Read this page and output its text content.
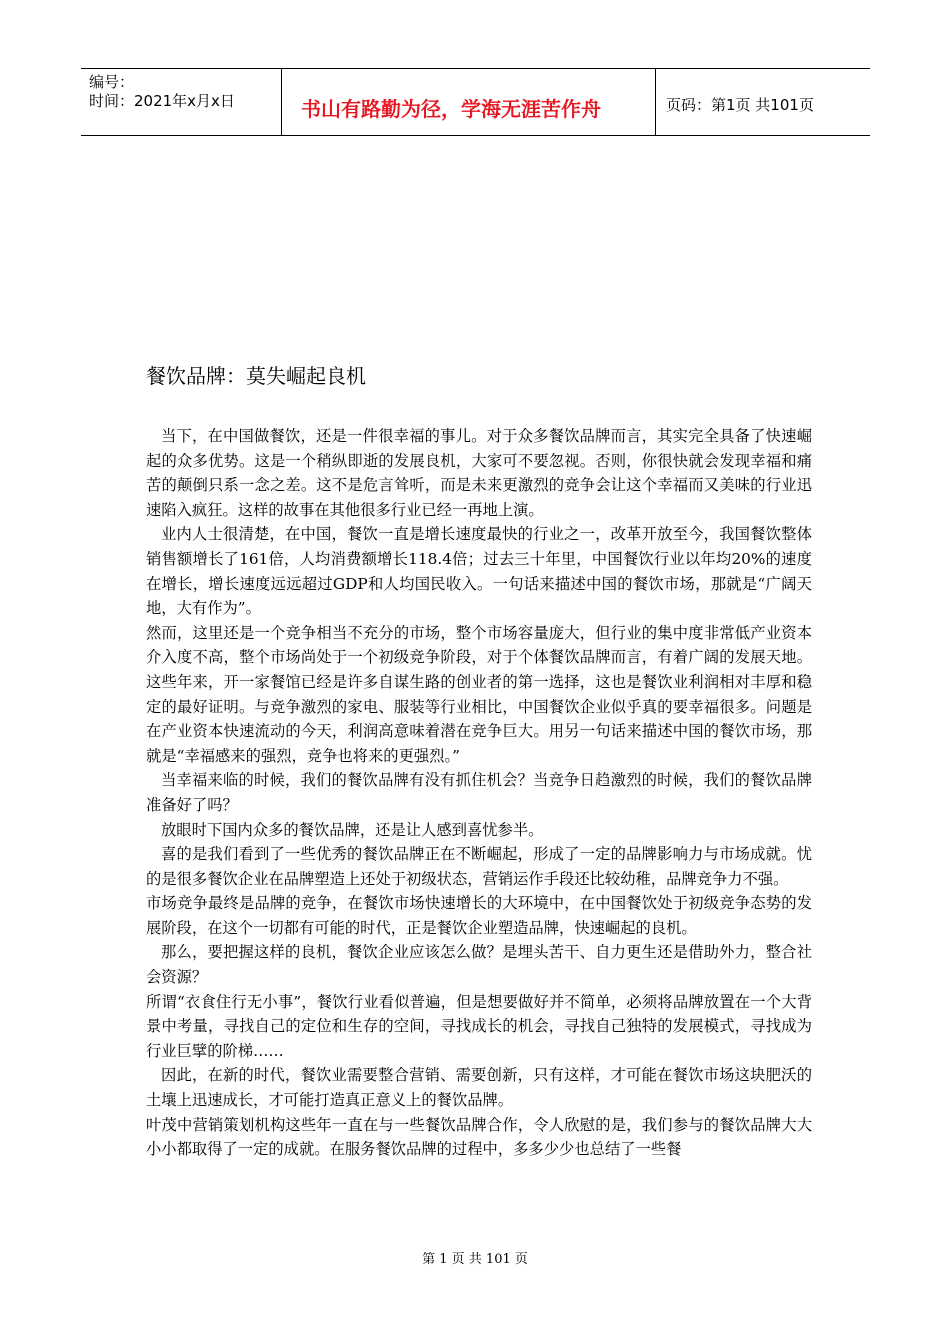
编号：
时间：2021年x月x日	书山有路勤为径，学海无涯苦作舟	页码：第1页 共101页
餐饮品牌：莫失崛起良机

当下，在中国做餐饮，还是一件很幸福的事儿。对于众多餐饮品牌而言，其实完全具备了快速崛起的众多优势。这是一个稍纵即逝的发展良机，大家可不要忽视。否则，你很快就会发现幸福和痛苦的颠倒只系一念之差。这不是危言耸听，而是未来更激烈的竞争会让这个幸福而又美味的行业迅速陷入疯狂。这样的故事在其他很多行业已经一再地上演。

业内人士很清楚，在中国，餐饮一直是增长速度最快的行业之一，改革开放至今，我国餐饮整体销售额增长了161倍，人均消费额增长118.4倍；过去三十年里，中国餐饮行业以年均20%的速度在增长，增长速度远远超过GDP和人均国民收入。一句话来描述中国的餐饮市场，那就是“广阔天地，大有作为”。

然而，这里还是一个竞争相当不充分的市场，整个市场容量庞大，但行业的集中度非常低产业资本介入度不高，整个市场尚处于一个初级竞争阶段，对于个体餐饮品牌而言，有着广阔的发展天地。这些年来，开一家餐馆已经是许多自谋生路的创业者的第一选择，这也是餐饮业利润相对丰厚和稳定的最好证明。与竞争激烈的家电、服装等行业相比，中国餐饮企业似乎真的要幸福很多。问题是在产业资本快速流动的今天，利润高意味着潜在竞争巨大。用另一句话来描述中国的餐饮市场，那就是“幸福感来的强烈，竞争也将来的更强烈。”

当幸福来临的时候，我们的餐饮品牌有没有抓住机会？当竞争日趋激烈的时候，我们的餐饮品牌准备好了吗？

放眼时下国内众多的餐饮品牌，还是让人感到喜忧参半。

喜的是我们看到了一些优秀的餐饮品牌正在不断崛起，形成了一定的品牌影响力与市场成就。忧的是很多餐饮企业在品牌塑造上还处于初级状态，营销运作手段还比较幼稚，品牌竞争力不强。

市场竞争最终是品牌的竞争，在餐饮市场快速增长的大环境中，在中国餐饮处于初级竞争态势的发展阶段，在这个一切都有可能的时代，正是餐饮企业塑造品牌，快速崛起的良机。

那么，要把握这样的良机，餐饮企业应该怎么做？是埋头苦干、自力更生还是借助外力，整合社会资源？

所谓“衣食住行无小事”，餐饮行业看似普遍，但是想要做好并不简单，必须将品牌放置在一个大背景中考量，寻找自己的定位和生存的空间，寻找成长的机会，寻找自己独特的发展模式，寻找成为行业巨擘的阶梯……

因此，在新的时代，餐饮业需要整合营销、需要创新，只有这样，才可能在餐饮市场这块肥沃的土壤上迅速成长，才可能打造真正意义上的餐饮品牌。

叶茂中营销策划机构这些年一直在与一些餐饮品牌合作，令人欣慰的是，我们参与的餐饮品牌大大小小都取得了一定的成就。在服务餐饮品牌的过程中，多多少少也总结了一些餐

第 1 页 共 101 页
